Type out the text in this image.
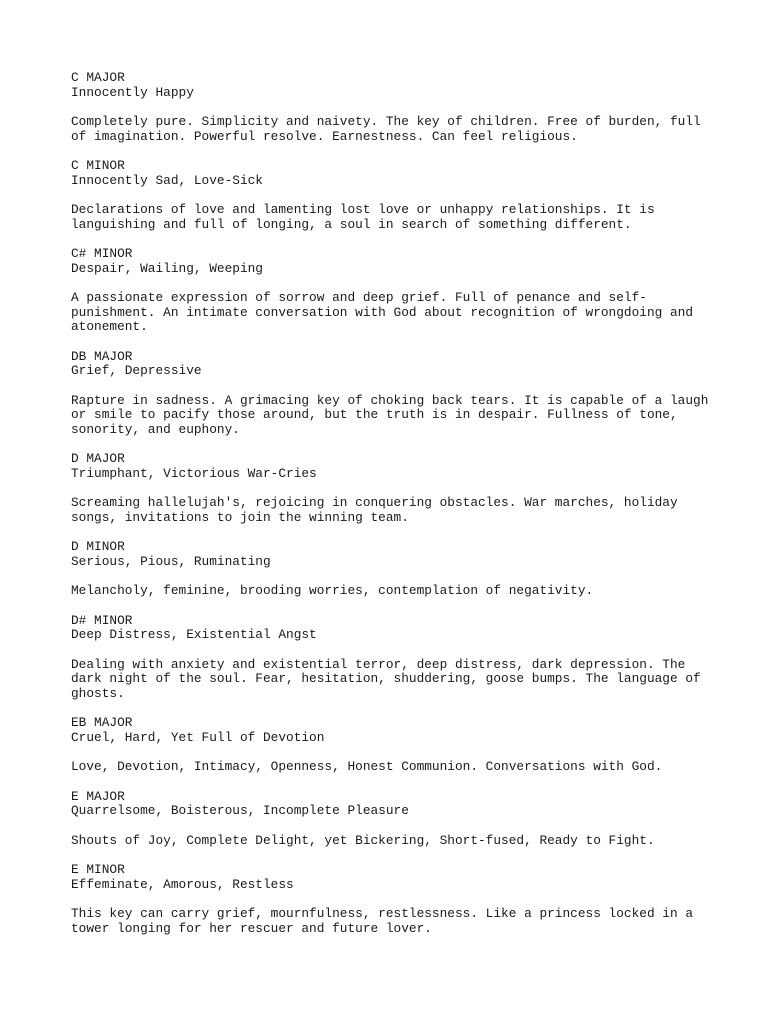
C MAJOR
Innocently Happy
Completely pure. Simplicity and naivety. The key of children. Free of burden, full
of imagination. Powerful resolve. Earnestness. Can feel religious.
C MINOR
Innocently Sad, Love-Sick
Declarations of love and lamenting lost love or unhappy relationships. It is
languishing and full of longing, a soul in search of something different.
C# MINOR
Despair, Wailing, Weeping
A passionate expression of sorrow and deep grief. Full of penance and self-
punishment. An intimate conversation with God about recognition of wrongdoing and
atonement.
DB MAJOR
Grief, Depressive
Rapture in sadness. A grimacing key of choking back tears. It is capable of a laugh
or smile to pacify those around, but the truth is in despair. Fullness of tone,
sonority, and euphony.
D MAJOR
Triumphant, Victorious War-Cries
Screaming hallelujah's, rejoicing in conquering obstacles. War marches, holiday
songs, invitations to join the winning team.
D MINOR
Serious, Pious, Ruminating
Melancholy, feminine, brooding worries, contemplation of negativity.
D# MINOR
Deep Distress, Existential Angst
Dealing with anxiety and existential terror, deep distress, dark depression. The
dark night of the soul. Fear, hesitation, shuddering, goose bumps. The language of
ghosts.
EB MAJOR
Cruel, Hard, Yet Full of Devotion
Love, Devotion, Intimacy, Openness, Honest Communion. Conversations with God.
E MAJOR
Quarrelsome, Boisterous, Incomplete Pleasure
Shouts of Joy, Complete Delight, yet Bickering, Short-fused, Ready to Fight.
E MINOR
Effeminate, Amorous, Restless
This key can carry grief, mournfulness, restlessness. Like a princess locked in a
tower longing for her rescuer and future lover.
